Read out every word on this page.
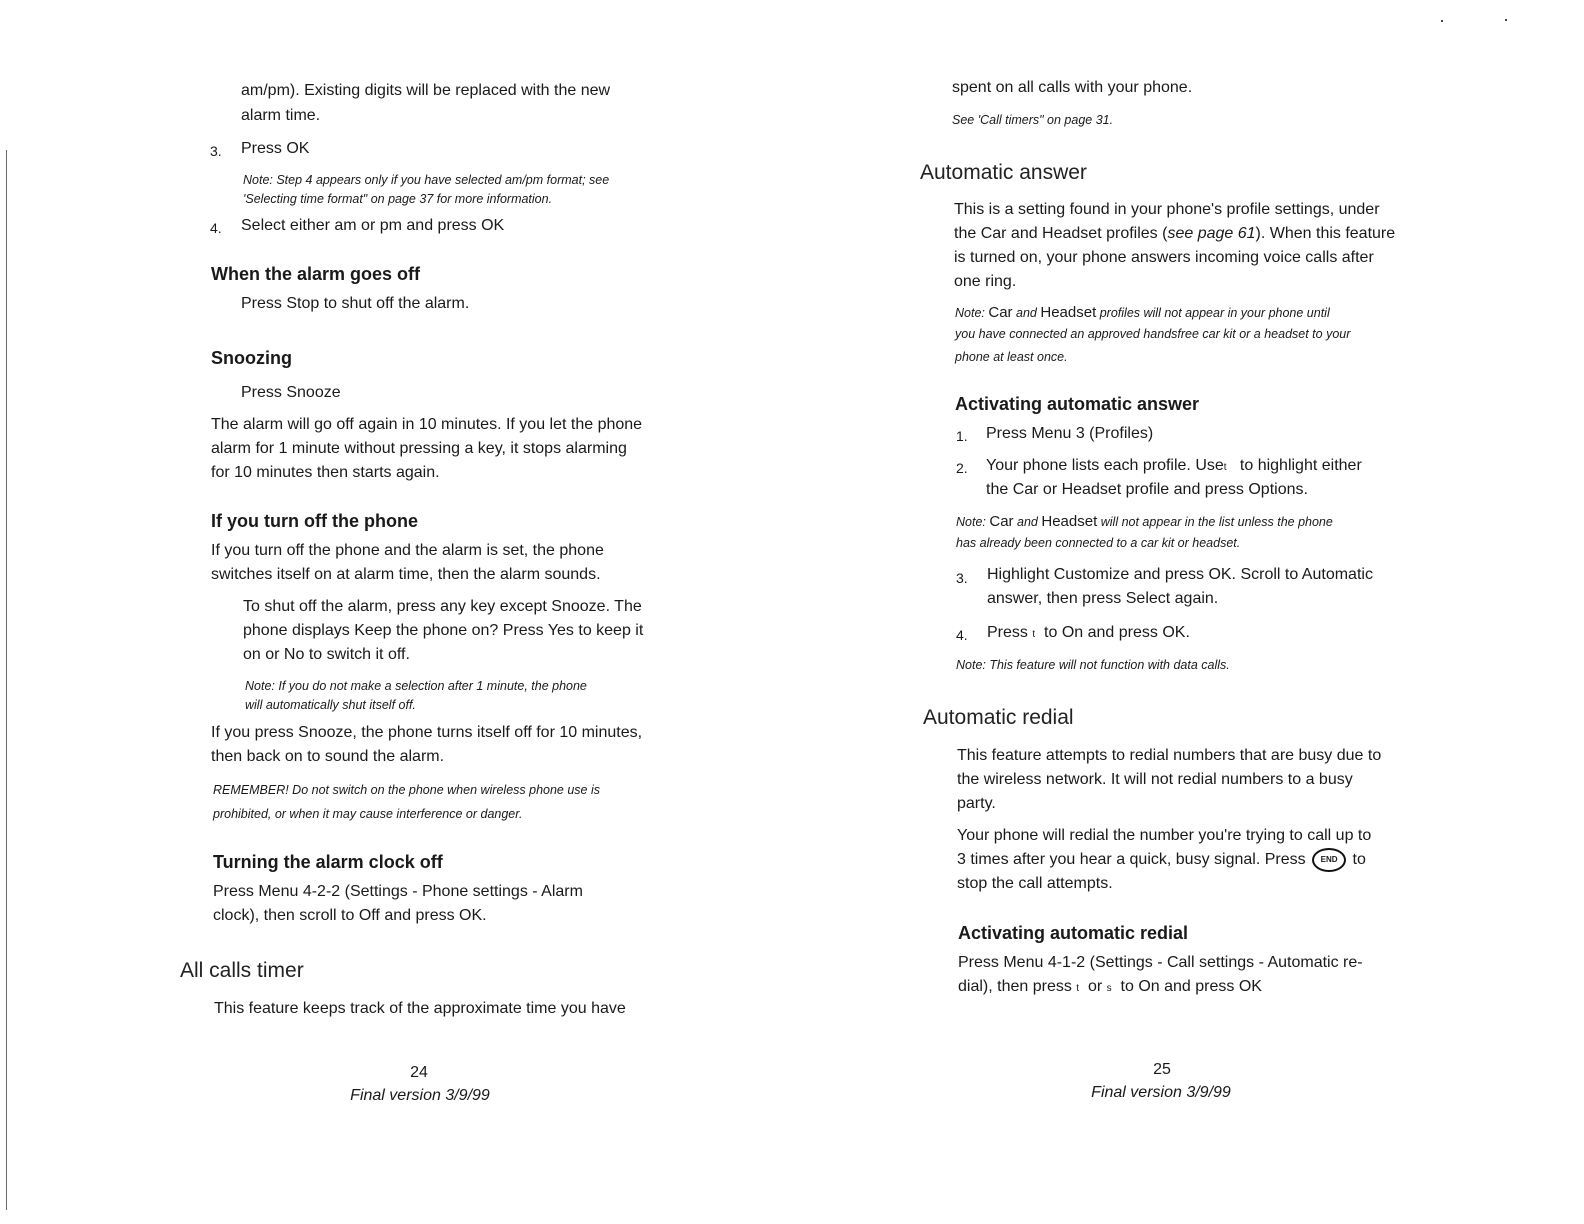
am/pm). Existing digits will be replaced with the new

alarm time.

3. Press OK

Note: Step 4 appears only if you have selected am/pm format; see

'Selecting time format" on page 37 for more information.

4. Select either am or pm and press OK

When the alarm goes off

Press Stop to shut off the alarm.

Snoozing

Press Snooze

The alarm will go off again in 10 minutes. If you let the phone

alarm for 1 minute without pressing a key, it stops alarming

for 10 minutes then starts again.

If you turn off the phone

If you turn off the phone and the alarm is set, the phone

switches itself on at alarm time, then the alarm sounds.

To shut off the alarm, press any key except Snooze. The

phone displays Keep the phone on? Press Yes to keep it

on or No to switch it off.

Note: If you do not make a selection after 1 minute, the phone

will automatically shut itself off.

If you press Snooze, the phone turns itself off for 10 minutes,

then back on to sound the alarm.

REMEMBER! Do not switch on the phone when wireless phone use is

prohibited, or when it may cause interference or danger.

Turning the alarm clock off

Press Menu 4-2-2 (Settings - Phone settings - Alarm

clock), then scroll to Off and press OK.

All calls timer

This feature keeps track of the approximate time you have

24

Final version 3/9/99

spent on all calls with your phone.

See 'Call timers" on page 31.

Automatic answer

This is a setting found in your phone's profile settings, under

the Car and Headset profiles (see page 61). When this feature

is turned on, your phone answers incoming voice calls after

one ring.

Note: Car and Headset profiles will not appear in your phone until

you have connected an approved handsfree car kit or a headset to your

phone at least once.

Activating automatic answer

1. Press Menu 3 (Profiles)

2. Your phone lists each profile. Uset to highlight either

the Car or Headset profile and press Options.

Note: Car and Headset will not appear in the list unless the phone

has already been connected to a car kit or headset.

3. Highlight Customize and press OK. Scroll to Automatic

answer, then press Select again.

4. Press t to On and press OK.

Note: This feature will not function with data calls.

Automatic redial

This feature attempts to redial numbers that are busy due to

the wireless network. It will not redial numbers to a busy

party.

Your phone will redial the number you're trying to call up to

3 times after you hear a quick, busy signal. Press END to

stop the call attempts.

Activating automatic redial

Press Menu 4-1-2 (Settings - Call settings - Automatic re-

dial), then press t or s to On and press OK

25

Final version 3/9/99
